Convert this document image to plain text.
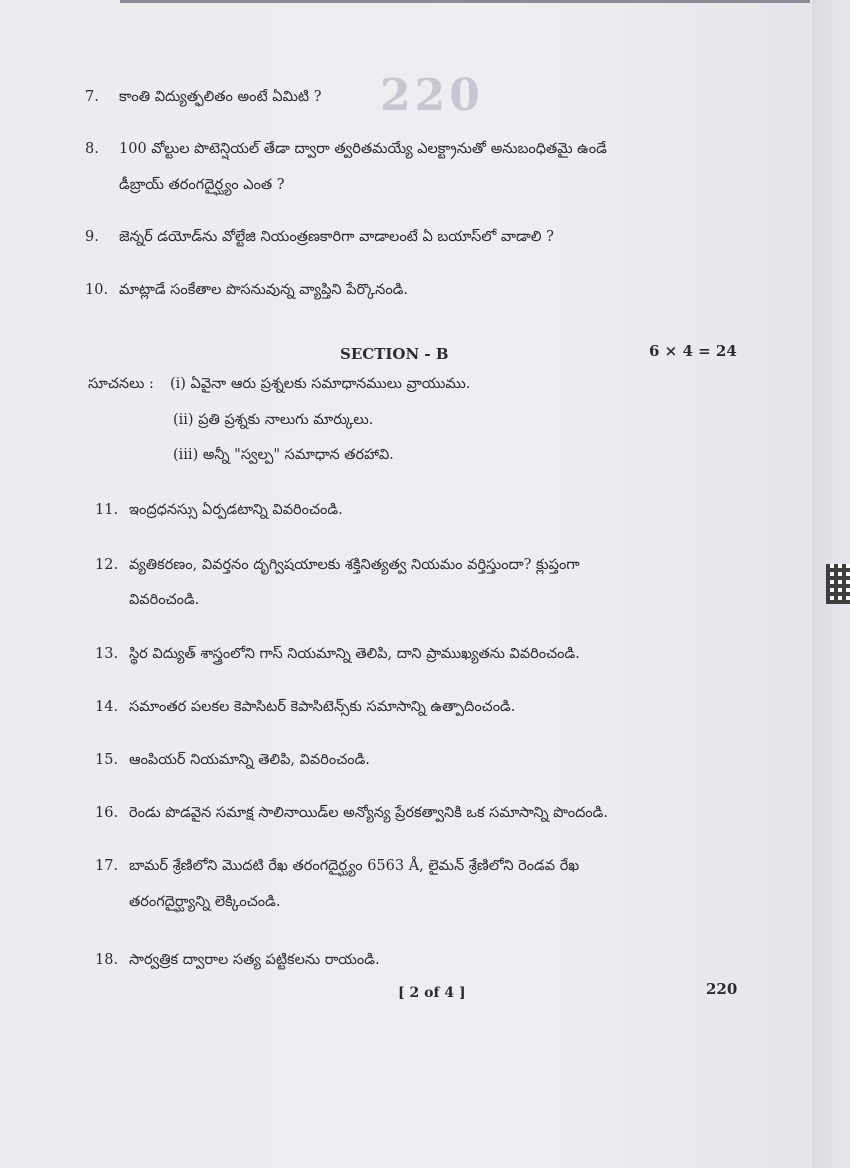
220
7. కాంతి విద్యుత్ఫలితం అంటే ఏమిటి ?
8. 100 వోల్టుల పొటెన్షియల్ తేడా ద్వారా త్వరితమయ్యే ఎలక్ట్రానుతో అనుబంధితమై ఉండే
డీబ్రాయ్ తరంగదైర్ఘ్యం ఎంత ?
9. జెన్నర్ డయోడ్‌ను వోల్టేజి నియంత్రణకారిగా వాడాలంటే ఏ బయాస్‌లో వాడాలి ?
10. మాట్లాడే సంకేతాల పొసనువున్న వ్యాప్తిని పేర్కొనండి.
SECTION - B	6 × 4 = 24
సూచనలు : (i) ఏవైనా ఆరు ప్రశ్నలకు సమాధానములు వ్రాయుము.
(ii) ప్రతి ప్రశ్నకు నాలుగు మార్కులు.
(iii) అన్నీ "స్వల్ప" సమాధాన తరహావి.
11. ఇంద్రధనస్సు ఏర్పడటాన్ని వివరించండి.
12. వ్యతికరణం, వివర్తనం దృగ్విషయాలకు శక్తినిత్యత్వ నియమం వర్తిస్తుందా? క్లుప్తంగా
వివరించండి.
13. స్థిర విద్యుత్ శాస్త్రంలోని గాస్ నియమాన్ని తెలిపి, దాని ప్రాముఖ్యతను వివరించండి.
14. సమాంతర పలకల కెపాసిటర్ కెపాసిటెన్స్‌కు సమాసాన్ని ఉత్పాదించండి.
15. ఆంపియర్ నియమాన్ని తెలిపి, వివరించండి.
16. రెండు పొడవైన సమాక్ష సాలినాయిడ్‌ల అన్యోన్య ప్రేరకత్వానికి ఒక సమాసాన్ని పొందండి.
17. బామర్ శ్రేణిలోని మొదటి రేఖ తరంగదైర్ఘ్యం 6563 Å, లైమన్ శ్రేణిలోని రెండవ రేఖ
తరంగదైర్ఘ్యాన్ని లెక్కించండి.
18. సార్వత్రిక ద్వారాల సత్య పట్టికలను రాయండి.
[ 2 of 4 ]	220
